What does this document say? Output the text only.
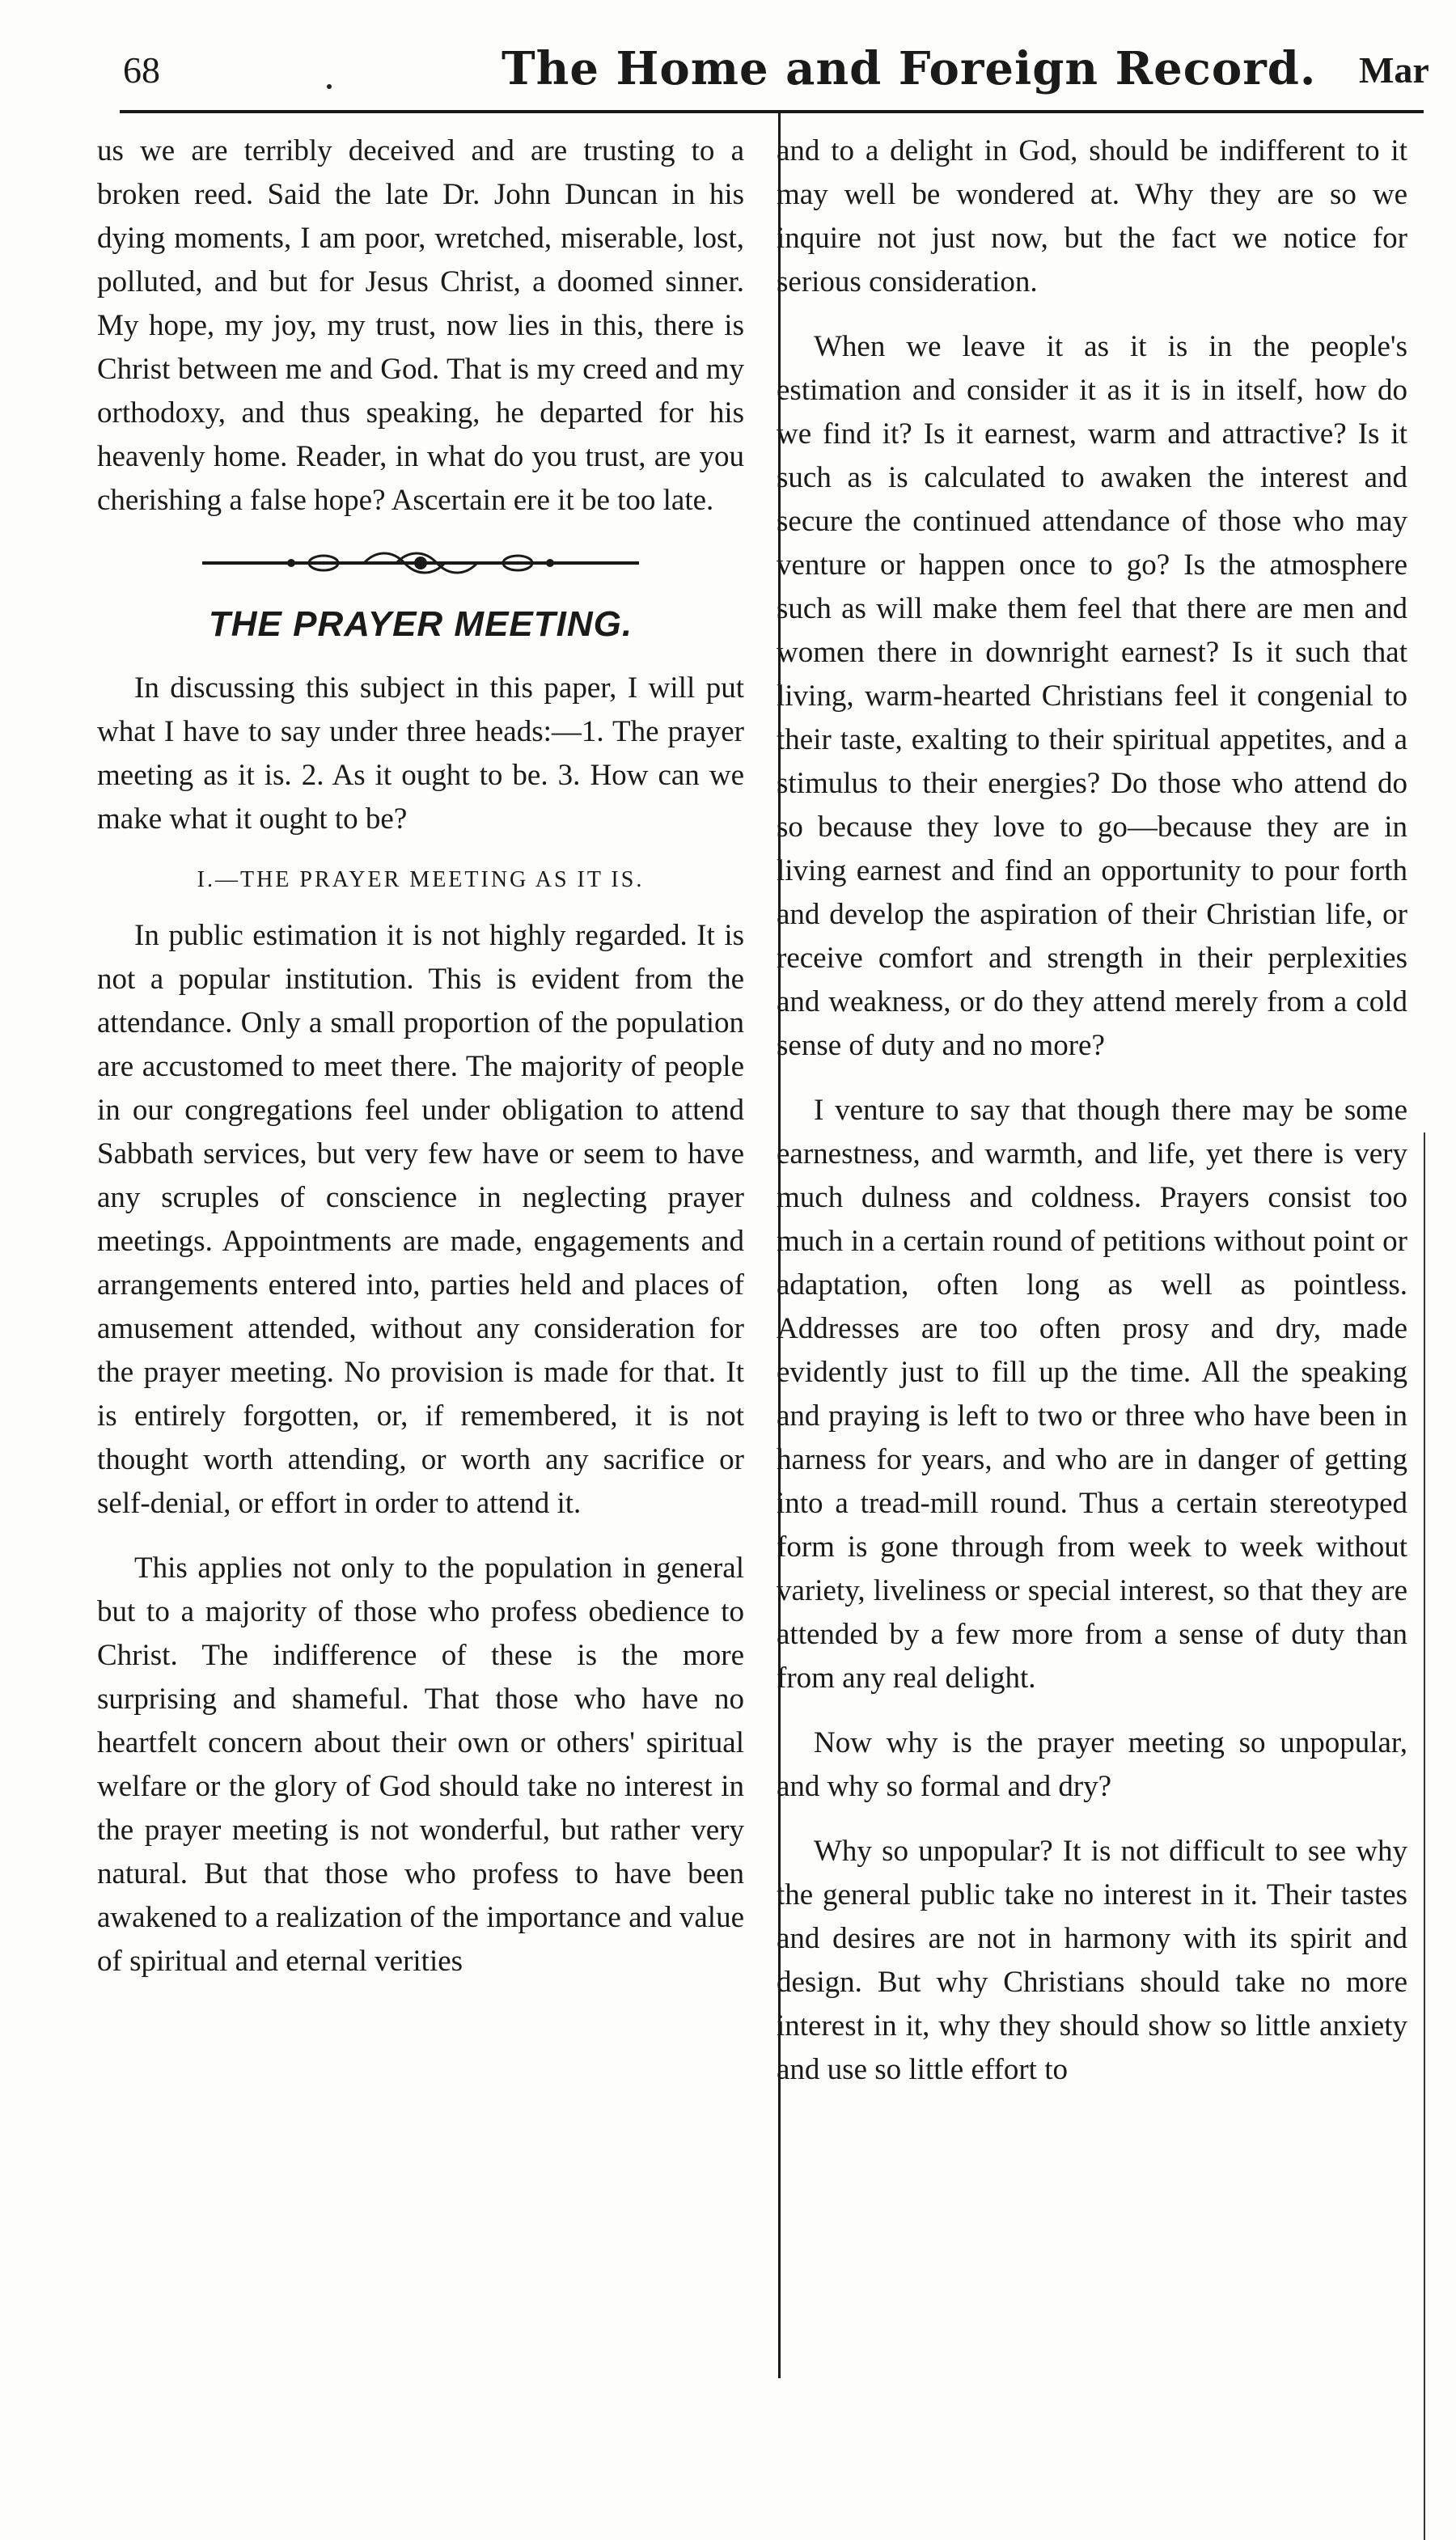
68	The Home and Foreign Record. Mar

us we are terribly deceived and are trusting to a broken reed. Said the late Dr. John Duncan in his dying moments, I am poor, wretched, miserable, lost, polluted, and but for Jesus Christ, a doomed sinner. My hope, my joy, my trust, now lies in this, there is Christ between me and God. That is my creed and my orthodoxy, and thus speaking, he departed for his heavenly home. Reader, in what do you trust, are you cherishing a false hope? Ascertain ere it be too late.

THE PRAYER MEETING.

In discussing this subject in this paper, I will put what I have to say under three heads:—1. The prayer meeting as it is. 2. As it ought to be. 3. How can we make what it ought to be?

I.—THE PRAYER MEETING AS IT IS.

In public estimation it is not highly regarded. It is not a popular institution. This is evident from the attendance. Only a small proportion of the population are accustomed to meet there. The majority of people in our congregations feel under obligation to attend Sabbath services, but very few have or seem to have any scruples of conscience in neglecting prayer meetings. Appointments are made, engagements and arrangements entered into, parties held and places of amusement attended, without any consideration for the prayer meeting. No provision is made for that. It is entirely forgotten, or, if remembered, it is not thought worth attending, or worth any sacrifice or self-denial, or effort in order to attend it.

This applies not only to the population in general but to a majority of those who profess obedience to Christ. The indifference of these is the more surprising and shameful. That those who have no heartfelt concern about their own or others' spiritual welfare or the glory of God should take no interest in the prayer meeting is not wonderful, but rather very natural. But that those who profess to have been awakened to a realization of the importance and value of spiritual and eternal verities

and to a delight in God, should be indifferent to it may well be wondered at. Why they are so we inquire not just now, but the fact we notice for serious consideration.

When we leave it as it is in the people's estimation and consider it as it is in itself, how do we find it? Is it earnest, warm and attractive? Is it such as is calculated to awaken the interest and secure the continued attendance of those who may venture or happen once to go? Is the atmosphere such as will make them feel that there are men and women there in downright earnest? Is it such that living, warm-hearted Christians feel it congenial to their taste, exalting to their spiritual appetites, and a stimulus to their energies? Do those who attend do so because they love to go—because they are in living earnest and find an opportunity to pour forth and develop the aspiration of their Christian life, or receive comfort and strength in their perplexities and weakness, or do they attend merely from a cold sense of duty and no more?

I venture to say that though there may be some earnestness, and warmth, and life, yet there is very much dulness and coldness. Prayers consist too much in a certain round of petitions without point or adaptation, often long as well as pointless. Addresses are too often prosy and dry, made evidently just to fill up the time. All the speaking and praying is left to two or three who have been in harness for years, and who are in danger of getting into a tread-mill round. Thus a certain stereotyped form is gone through from week to week without variety, liveliness or special interest, so that they are attended by a few more from a sense of duty than from any real delight.

Now why is the prayer meeting so unpopular, and why so formal and dry?

Why so unpopular? It is not difficult to see why the general public take no interest in it. Their tastes and desires are not in harmony with its spirit and design. But why Christians should take no more interest in it, why they should show so little anxiety and use so little effort to
